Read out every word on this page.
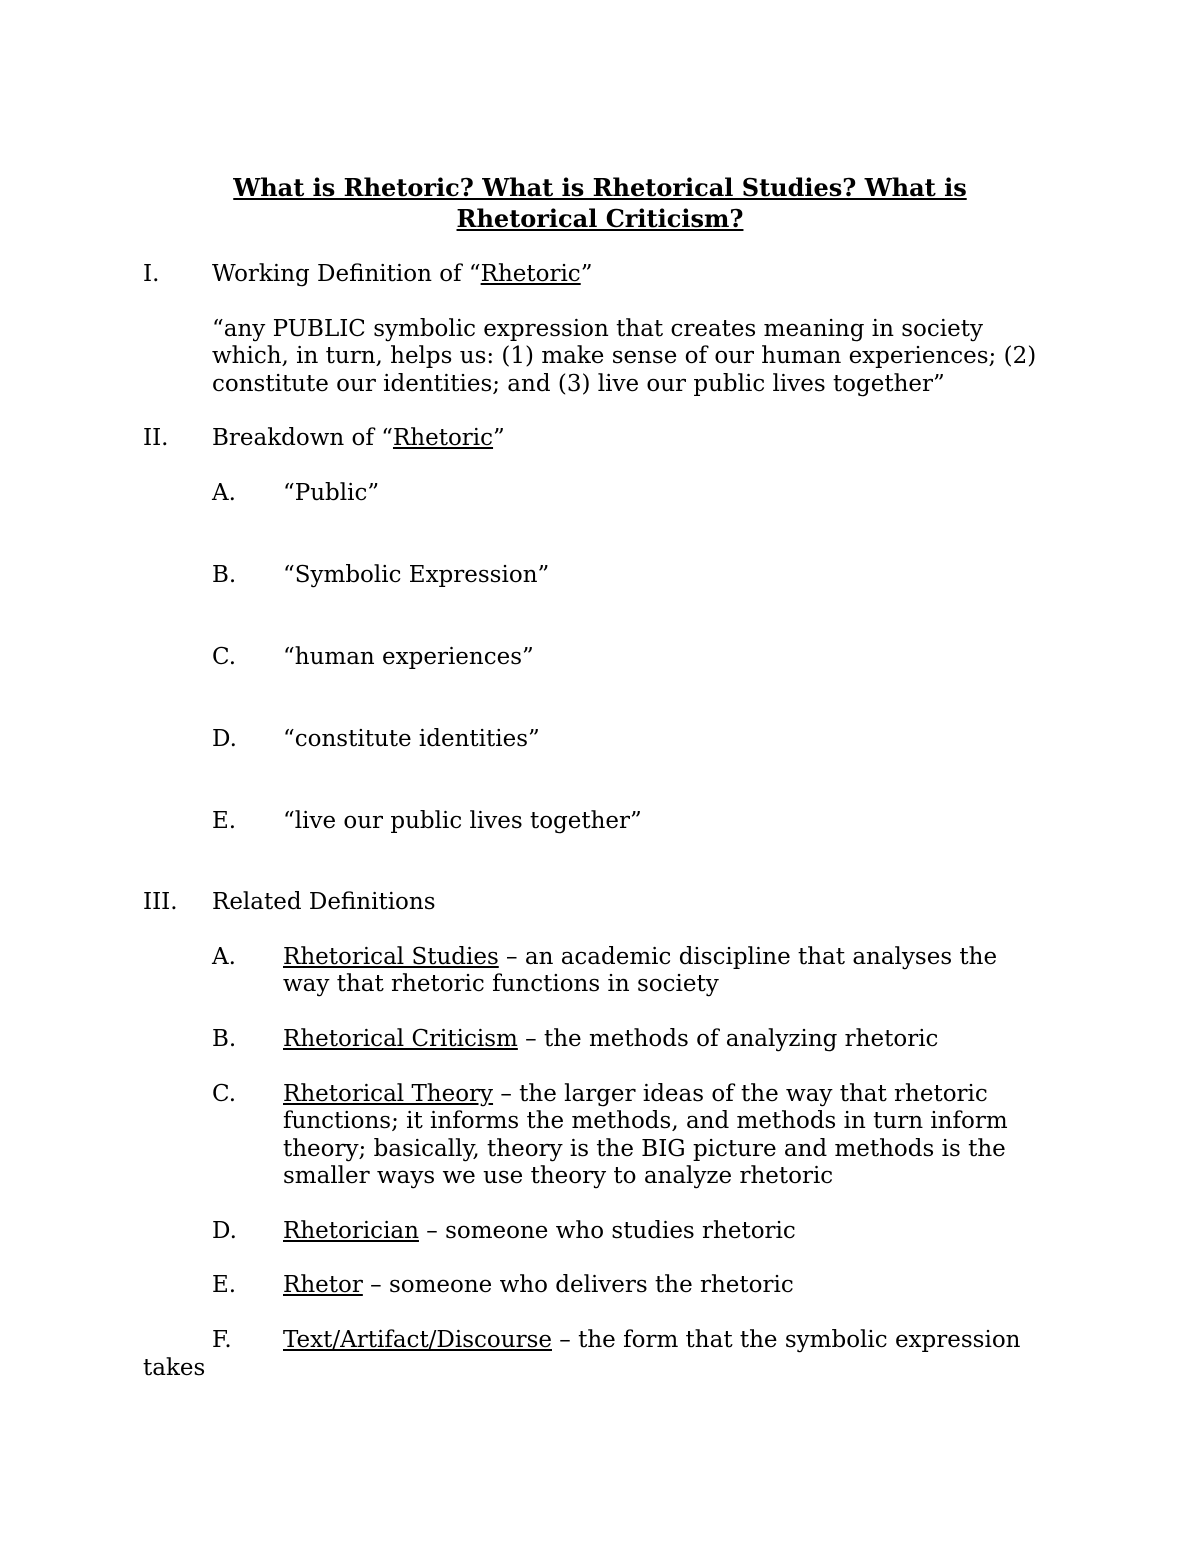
What is Rhetoric? What is Rhetorical Studies? What is
Rhetorical Criticism?
I. Working Definition of “Rhetoric”
“any PUBLIC symbolic expression that creates meaning in society
which, in turn, helps us: (1) make sense of our human experiences; (2)
constitute our identities; and (3) live our public lives together”
II. Breakdown of “Rhetoric”
A. “Public”
B. “Symbolic Expression”
C. “human experiences”
D. “constitute identities”
E. “live our public lives together”
III. Related Definitions
A. Rhetorical Studies – an academic discipline that analyses the
way that rhetoric functions in society
B. Rhetorical Criticism – the methods of analyzing rhetoric
C. Rhetorical Theory – the larger ideas of the way that rhetoric
functions; it informs the methods, and methods in turn inform
theory; basically, theory is the BIG picture and methods is the
smaller ways we use theory to analyze rhetoric
D. Rhetorician – someone who studies rhetoric
E. Rhetor – someone who delivers the rhetoric
F. Text/Artifact/Discourse – the form that the symbolic expression
takes
